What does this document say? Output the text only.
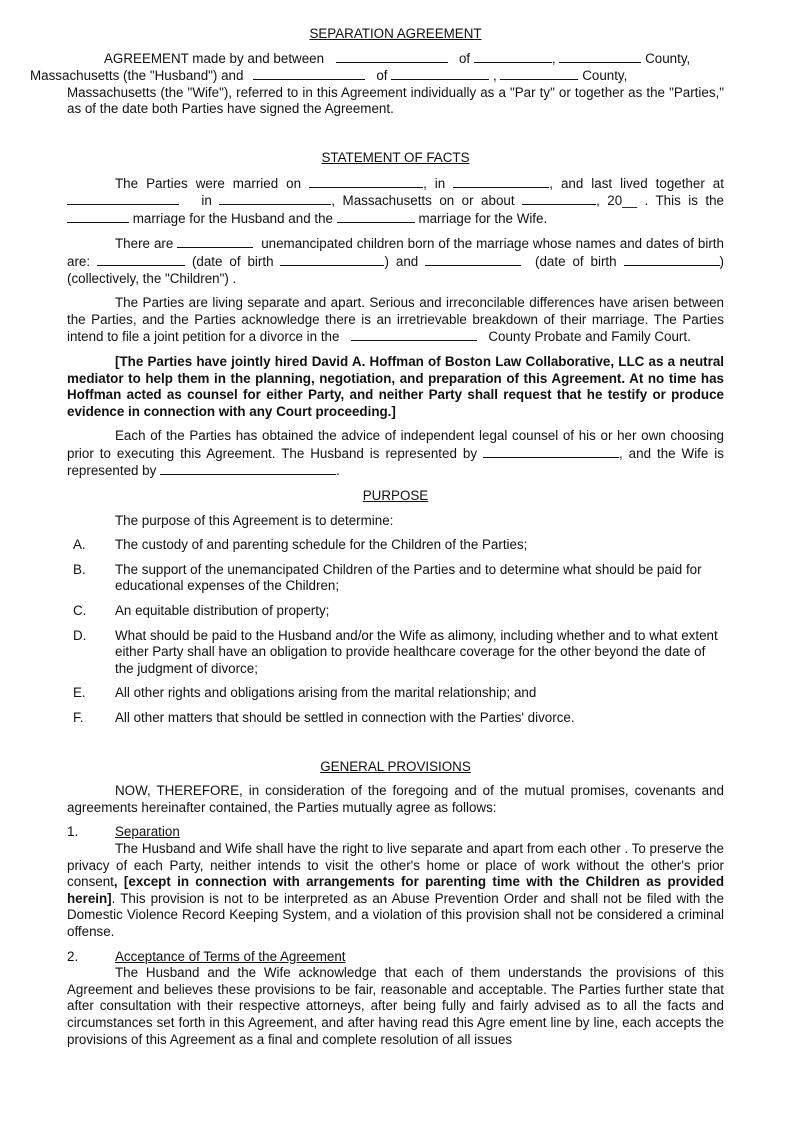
SEPARATION AGREEMENT

AGREEMENT made by and between	of	,	County,
Massachusetts (the "Husband") and	of	,	County,

Massachusetts (the "Wife"), referred to in this Agreement individually as a "Par ty" or together as the "Parties," as of the date both Parties have signed the Agreement.

STATEMENT OF FACTS

The Parties were married on	, in	, and last lived together at    in	, Massachusetts on or about	, 20__ . This is the  marriage for the Husband and the	marriage for the Wife.

There are	unemancipated children born of the marriage whose names and dates of birth are:	(date of birth	) and	(date of birth	) (collectively, the "Children") .

The Parties are living separate and apart. Serious and irreconcilable differences have arisen between the Parties, and the Parties acknowledge there is an irretrievable breakdown of their marriage. The Parties intend to file a joint petition for a divorce in the	County Probate and Family Court.

[The Parties have jointly hired David A. Hoffman of Boston Law Collaborative, LLC as a neutral mediator to help them in the planning, negotiation, and preparation of this Agreement. At no time has Hoffman acted as counsel for either Party, and neither Party shall request that he testify or produce evidence in connection with any Court proceeding.]

Each of the Parties has obtained the advice of independent legal counsel of his or her own choosing prior to executing this Agreement. The Husband is represented by	, and the Wife is represented by	.

PURPOSE

The purpose of this Agreement is to determine:

A.	The custody of and parenting schedule for the Children of the Parties;
B.	The support of the unemancipated Children of the Parties and to determine what should be paid for educational expenses of the Children;
C.	An equitable distribution of property;
D.	What should be paid to the Husband and/or the Wife as alimony, including whether and to what extent either Party shall have an obligation to provide healthcare coverage for the other beyond the date of the judgment of divorce;
E.	All other rights and obligations arising from the marital relationship; and
F.	All other matters that should be settled in connection with the Parties' divorce.

GENERAL PROVISIONS

NOW, THEREFORE, in consideration of the foregoing and of the mutual promises, covenants and agreements hereinafter contained, the Parties mutually agree as follows:

1.	Separation

The Husband and Wife shall have the right to live separate and apart from each other . To preserve the privacy of each Party, neither intends to visit the other's home or place of work without the other's prior consent, [except in connection with arrangements for parenting time with the Children as provided herein]. This provision is not to be interpreted as an Abuse Prevention Order and shall not be filed with the Domestic Violence Record Keeping System, and a violation of this provision shall not be considered a criminal offense.

2.	Acceptance of Terms of the Agreement

The Husband and the Wife acknowledge that each of them understands the provisions of this Agreement and believes these provisions to be fair, reasonable and acceptable. The Parties further state that after consultation with their respective attorneys, after being fully and fairly advised as to all the facts and circumstances set forth in this Agreement, and after having read this Agre ement line by line, each accepts the provisions of this Agreement as a final and complete resolution of all issues
